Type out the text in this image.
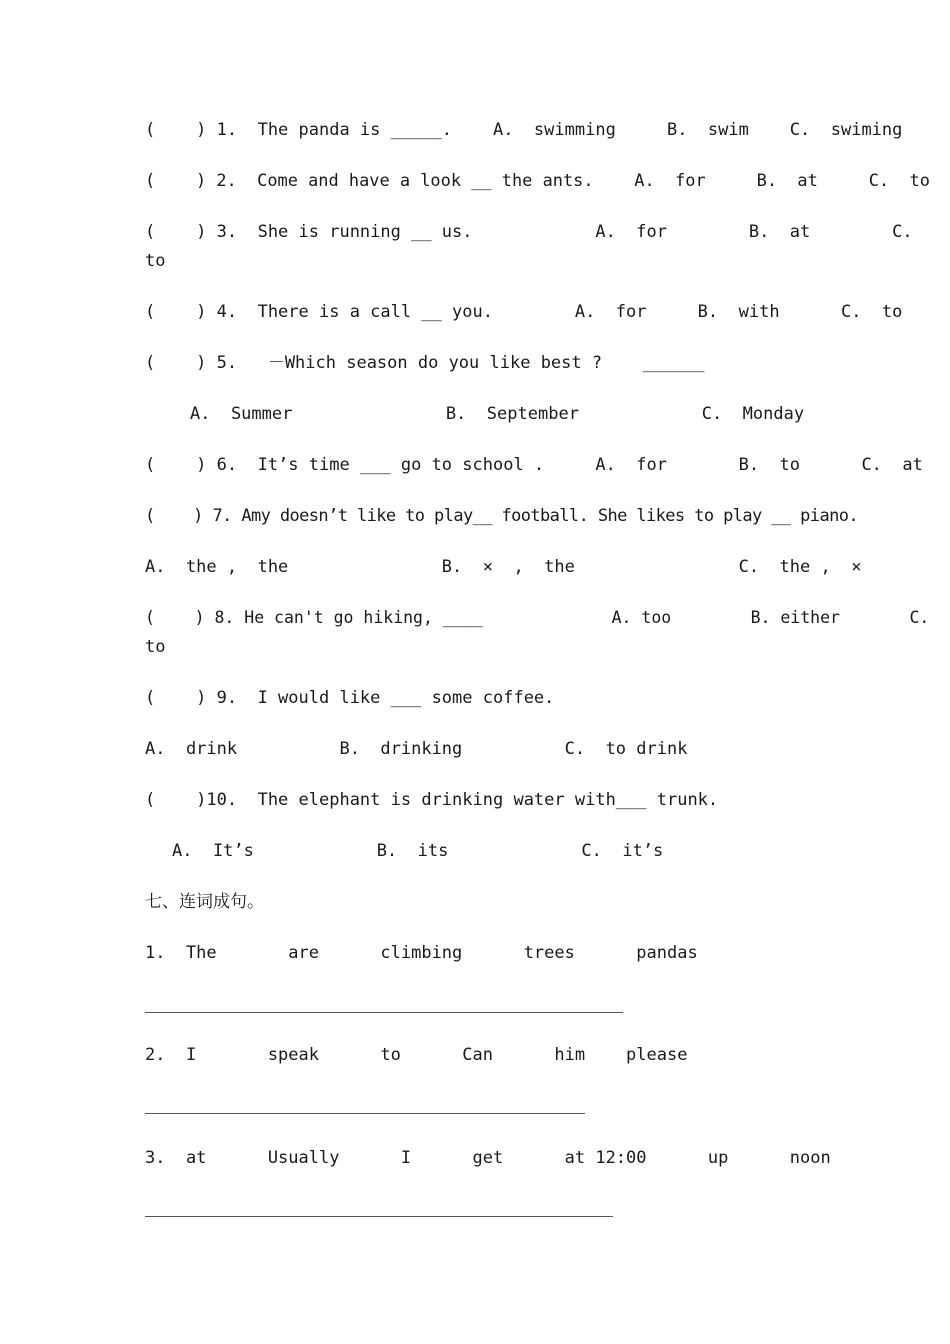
(    ) 1.  The panda is _____.    A.  swimming     B.  swim    C.  swiming
(    ) 2.  Come and have a look __ the ants.    A.  for     B.  at     C.  to
(    ) 3.  She is running __ us.            A.  for        B.  at        C.
to
(    ) 4.  There is a call __ you.        A.  for     B.  with      C.  to
(    ) 5.   －Which season do you like best ?    ______
A.  Summer               B.  September            C.  Monday
(    ) 6.  It’s time ___ go to school .     A.  for       B.  to      C.  at
(    ) 7. Amy doesn’t like to play__ football. She likes to play __ piano.
A.  the ,  the               B.  ×  ,  the                C.  the ,  ×
(    ) 8. He can't go hiking, ____             A. too        B. either       C.
to
(    ) 9.  I would like ___ some coffee.
A.  drink          B.  drinking          C.  to drink
(    )10.  The elephant is drinking water with___ trunk.
A.  It’s            B.  its             C.  it’s
七、连词成句。
1.  The       are      climbing      trees      pandas
2.  I       speak      to      Can      him    please
3.  at      Usually      I      get      at 12:00      up      noon
